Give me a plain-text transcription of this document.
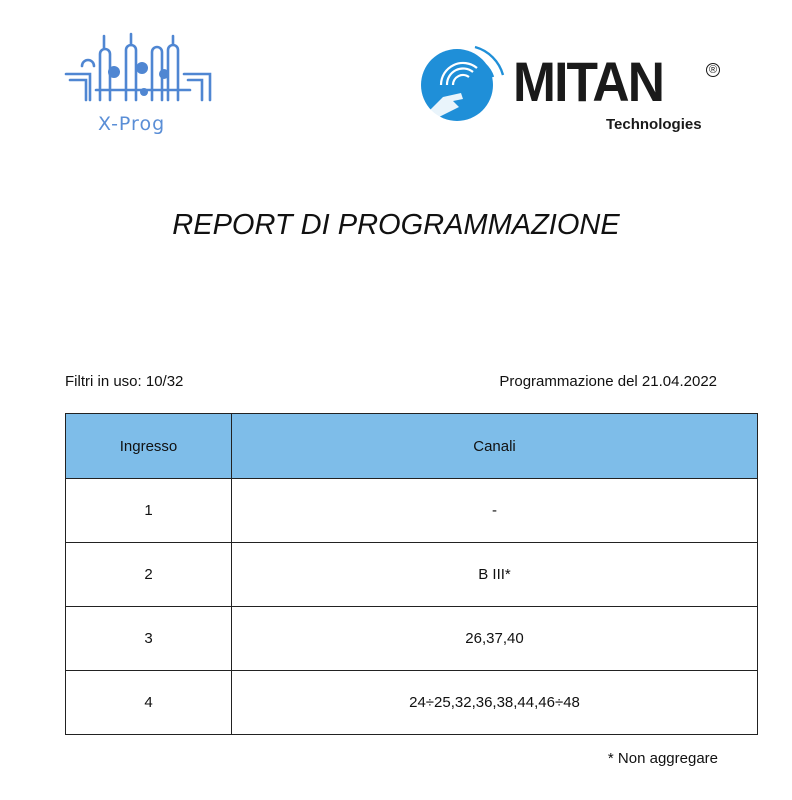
X-Prog
MITAN	®
Technologies
REPORT DI PROGRAMMAZIONE
Filtri in uso: 10/32	Programmazione del 21.04.2022
Ingresso	Canali
1	-
2	B III*
3	26,37,40
4	24÷25,32,36,38,44,46÷48
* Non aggregare
